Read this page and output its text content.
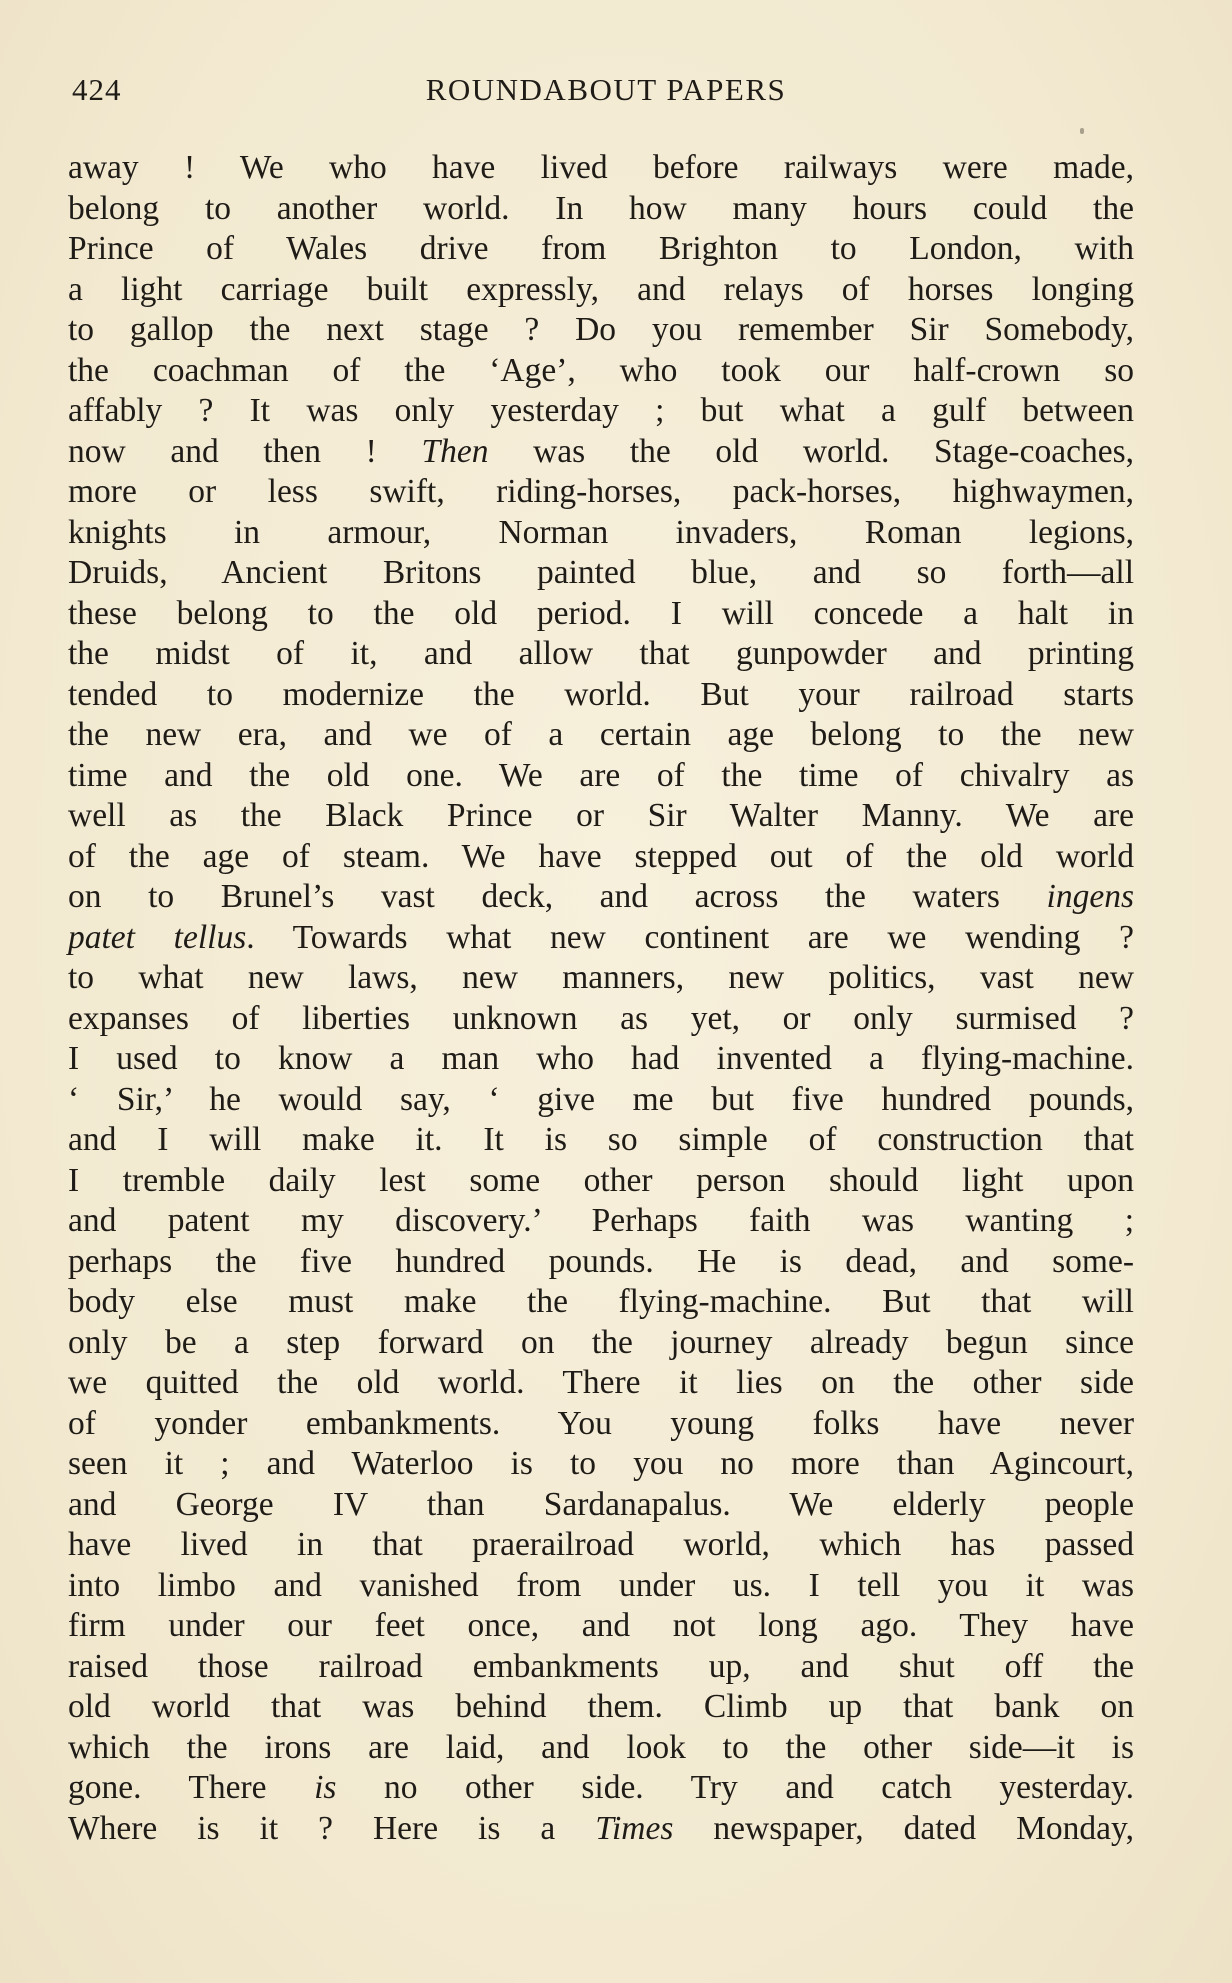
424	ROUNDABOUT PAPERS
away ! We who have lived before railways were made,
belong to another world. In how many hours could the
Prince of Wales drive from Brighton to London, with
a light carriage built expressly, and relays of horses longing
to gallop the next stage ? Do you remember Sir Somebody,
the coachman of the ‘Age’, who took our half-crown so
affably ? It was only yesterday ; but what a gulf between
now and then ! Then was the old world. Stage-coaches,
more or less swift, riding-horses, pack-horses, highwaymen,
knights in armour, Norman invaders, Roman legions,
Druids, Ancient Britons painted blue, and so forth—all
these belong to the old period. I will concede a halt in
the midst of it, and allow that gunpowder and printing
tended to modernize the world. But your railroad starts
the new era, and we of a certain age belong to the new
time and the old one. We are of the time of chivalry as
well as the Black Prince or Sir Walter Manny. We are
of the age of steam. We have stepped out of the old world
on to Brunel’s vast deck, and across the waters ingens
patet tellus. Towards what new continent are we wending ?
to what new laws, new manners, new politics, vast new
expanses of liberties unknown as yet, or only surmised ?
I used to know a man who had invented a flying-machine.
‘ Sir,’ he would say, ‘ give me but five hundred pounds,
and I will make it. It is so simple of construction that
I tremble daily lest some other person should light upon
and patent my discovery.’ Perhaps faith was wanting ;
perhaps the five hundred pounds. He is dead, and some-
body else must make the flying-machine. But that will
only be a step forward on the journey already begun since
we quitted the old world. There it lies on the other side
of yonder embankments. You young folks have never
seen it ; and Waterloo is to you no more than Agincourt,
and George IV than Sardanapalus. We elderly people
have lived in that praerailroad world, which has passed
into limbo and vanished from under us. I tell you it was
firm under our feet once, and not long ago. They have
raised those railroad embankments up, and shut off the
old world that was behind them. Climb up that bank on
which the irons are laid, and look to the other side—it is
gone. There is no other side. Try and catch yesterday.
Where is it ? Here is a Times newspaper, dated Monday,
